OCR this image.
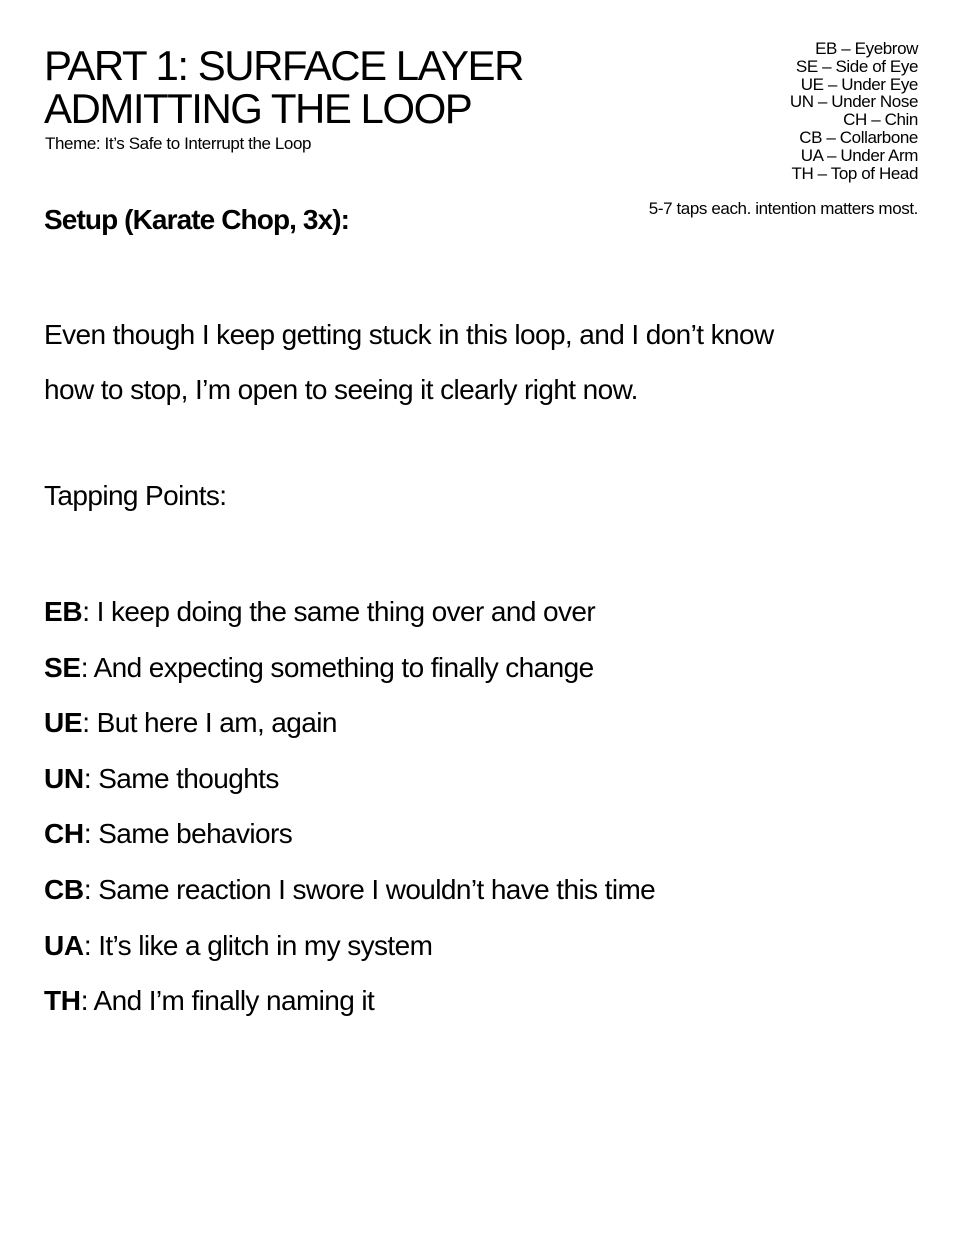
PART 1: SURFACE LAYER
ADMITTING THE LOOP
Theme: It’s Safe to Interrupt the Loop
EB – Eyebrow
SE – Side of Eye
UE – Under Eye
UN – Under Nose
CH – Chin
CB – Collarbone
UA – Under Arm
TH – Top of Head
5-7 taps each. intention matters most.
Setup (Karate Chop, 3x):
Even though I keep getting stuck in this loop, and I don’t know
how to stop, I’m open to seeing it clearly right now.
Tapping Points:
EB: I keep doing the same thing over and over
SE: And expecting something to finally change
UE: But here I am, again
UN: Same thoughts
CH: Same behaviors
CB: Same reaction I swore I wouldn’t have this time
UA: It’s like a glitch in my system
TH: And I’m finally naming it
